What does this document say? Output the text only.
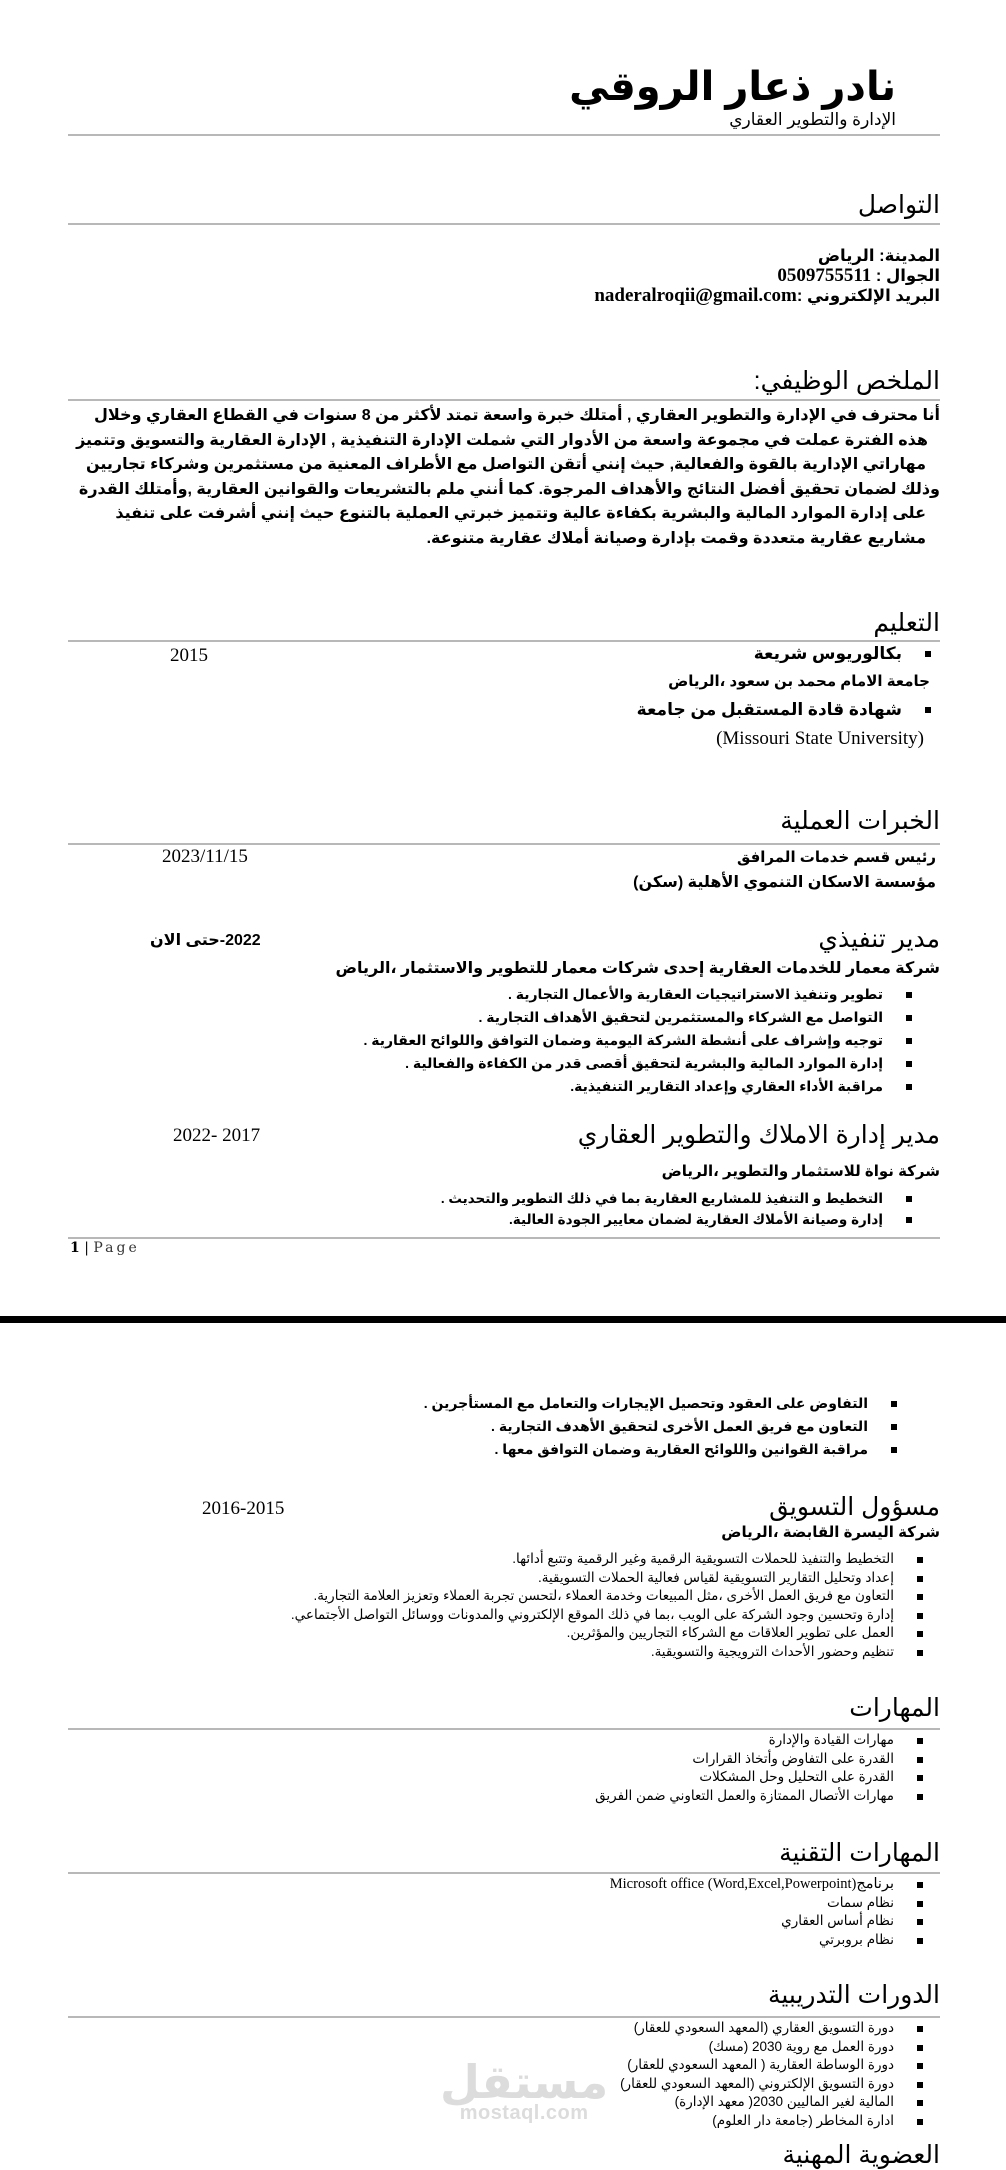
نادر ذعار الروقي
الإدارة والتطوير العقاري
التواصل
المدينة: الرياض
الجوال : 0509755511
البريد الإلكتروني :naderalroqii@gmail.com
الملخص الوظيفي:
أنا محترف في الإدارة والتطوير العقاري , أمتلك خبرة واسعة تمتد لأكثر من 8 سنوات في القطاع العقاري وخلال
هذه الفترة عملت في مجموعة واسعة من الأدوار التي شملت الإدارة التنفيذية , الإدارة العقارية والتسويق وتتميز
مهاراتي الإدارية بالقوة والفعالية, حيث إنني أتقن التواصل مع الأطراف المعنية من مستثمرين وشركاء تجاريين
وذلك لضمان تحقيق أفضل النتائج والأهداف المرجوة. كما أنني ملم بالتشريعات والقوانين العقارية ,وأمتلك القدرة
على إدارة الموارد المالية والبشرية بكفاءة عالية وتتميز خبرتي العملية بالتنوع حيث إنني أشرفت على تنفيذ
مشاريع عقارية متعددة وقمت بإدارة وصيانة أملاك عقارية متنوعة.
التعليم
بكالوريوس شريعة
2015
جامعة الامام محمد بن سعود ،الرياض
شهادة قادة المستقبل من جامعة
(Missouri State University)
الخبرات العملية
رئيس قسم خدمات المرافق
2023/11/15
مؤسسة الاسكان التنموي الأهلية (سكن)
مدير تنفيذي
2022-حتى الان
شركة معمار للخدمات العقارية إحدى شركات معمار للتطوير والاستثمار ،الرياض
تطوير وتنفيذ الاستراتيجيات العقارية والأعمال التجارية .
التواصل مع الشركاء والمستثمرين لتحقيق الأهداف التجارية .
توجيه وإشراف على أنشطة الشركة اليومية وضمان التوافق واللوائح العقارية .
إدارة الموارد المالية والبشرية لتحقيق أقصى قدر من الكفاءة والفعالية .
مراقبة الأداء العقاري وإعداد التقارير التنفيذية.
مدير إدارة الاملاك والتطوير العقاري
2022- 2017
شركة نواة للاستثمار والتطوير ،الرياض
التخطيط و التنفيذ للمشاريع العقارية بما في ذلك التطوير والتحديث .
إدارة وصيانة الأملاك العقارية لضمان معايير الجودة العالية.
1 | Page
التفاوض على العقود وتحصيل الإيجارات والتعامل مع المستأجرين .
التعاون مع فريق العمل الأخرى لتحقيق الأهدف التجارية .
مراقبة القوانين واللوائح العقارية وضمان التوافق معها .
مسؤول التسويق
2016-2015
شركة اليسرة القابضة ،الرياض
التخطيط والتنفيذ للحملات التسويقية الرقمية وغير الرقمية وتتبع أدائها.
إعداد وتحليل التقارير التسويقية لقياس فعالية الحملات التسويقية.
التعاون مع فريق العمل الأخرى ،مثل المبيعات وخدمة العملاء ،لتحسن تجربة العملاء وتعزيز العلامة التجارية.
إدارة وتحسين وجود الشركة على الويب ،بما في ذلك الموقع الإلكتروني والمدونات ووسائل التواصل الأجتماعي.
العمل على تطوير العلاقات مع الشركاء التجاريين والمؤثرين.
تنظيم وحضور الأحداث الترويجية والتسويقية.
المهارات
مهارات القيادة والإدارة
القدرة على التفاوض وأتخاذ القرارات
القدرة على التحليل وحل المشكلات
مهارات الأتصال الممتازة والعمل التعاوني ضمن الفريق
المهارات التقنية
برنامجMicrosoft office (Word,Excel,Powerpoint)
نظام سمات
نظام أساس العقاري
نظام بروبرتي
الدورات التدريبية
دورة التسويق العقاري (المعهد السعودي للعقار)
دورة العمل مع روية 2030 (مسك)
دورة الوساطة العقارية ( المعهد السعودي للعقار)
دورة التسويق الإلكتروني (المعهد السعودي للعقار)
المالية لغير الماليين 2030( معهد الإدارة)
ادارة المخاطر (جامعة دار العلوم)
العضوية المهنية
مستقل
mostaql.com
